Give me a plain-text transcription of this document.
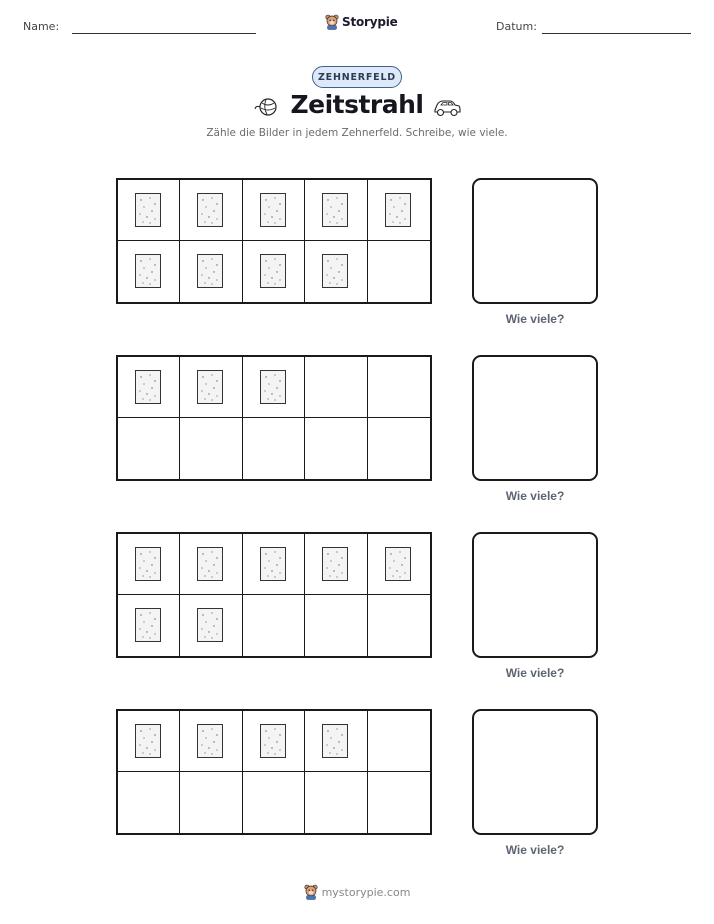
Name:	Storypie	Datum:
ZEHNERFELD
Zeitstrahl
Zähle die Bilder in jedem Zehnerfeld. Schreibe, wie viele.
Wie viele?
Wie viele?
Wie viele?
Wie viele?
mystorypie.com
